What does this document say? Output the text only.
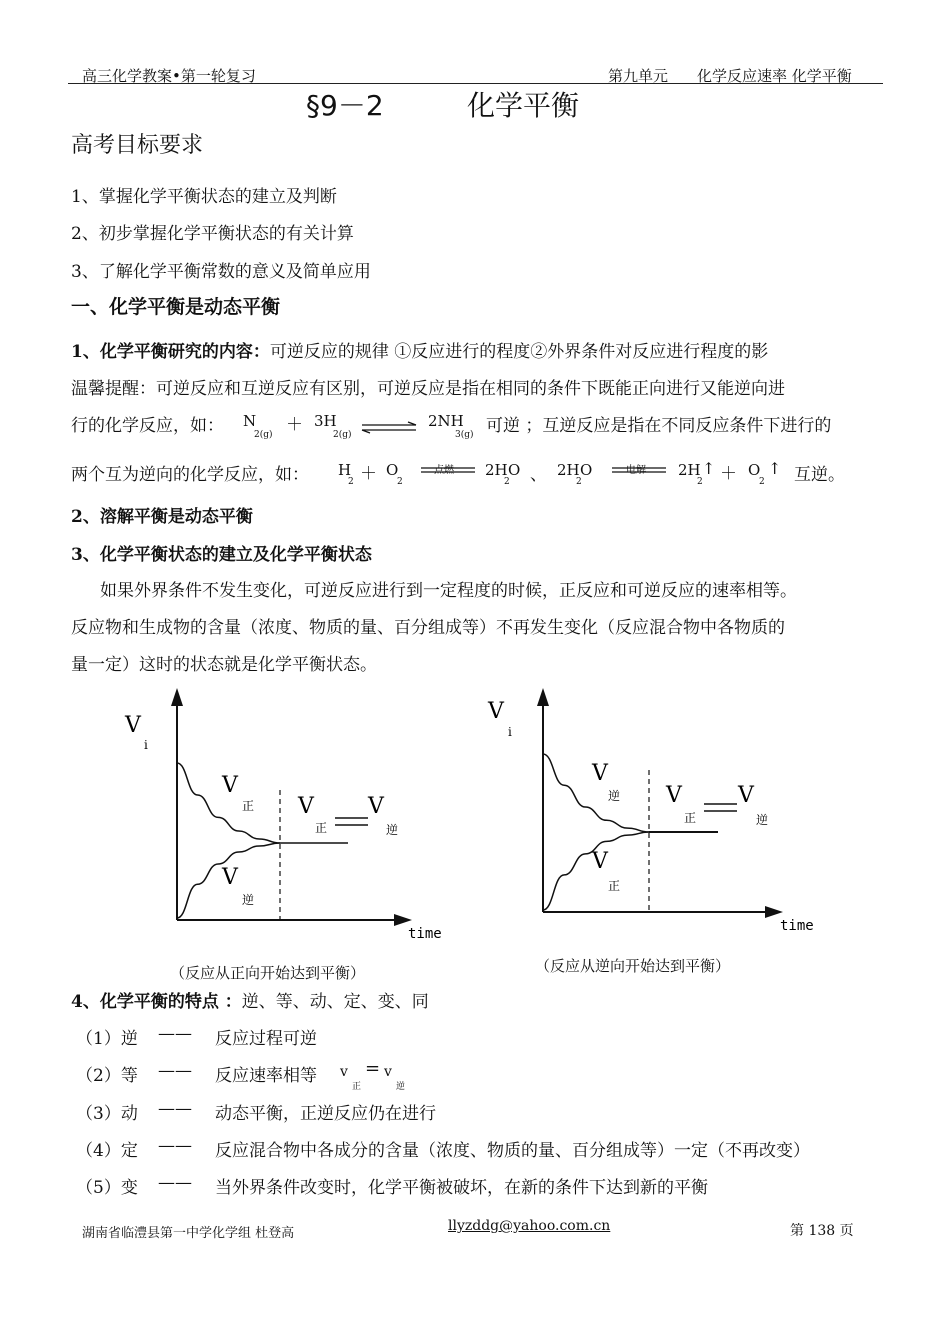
高三化学教案•第一轮复习	第九单元 化学反应速率 化学平衡
§9－2	化学平衡
高考目标要求
1、掌握化学平衡状态的建立及判断
2、初步掌握化学平衡状态的有关计算
3、了解化学平衡常数的意义及简单应用
一、化学平衡是动态平衡
1、化学平衡研究的内容：可逆反应的规律 ①反应进行的程度②外界条件对反应进行程度的影
温馨提醒：可逆反应和互逆反应有区别，可逆反应是指在相同的条件下既能正向进行又能逆向进
行的化学反应，如： N
2(g) ＋ 3H
2(g)
⇌ 2NH
3(g) 可逆 ；互逆反应是指在不同反应条件下进行的
两个互为逆向的化学反应，如： H
2 ＋ O
2
点燃 2H
2
O 、 2H
2
O	电解 2H
2
↑ ＋ O
2
↑ 互逆。
2、溶解平衡是动态平衡
3、化学平衡状态的建立及化学平衡状态
如果外界条件不发生变化，可逆反应进行到一定程度的时候，正反应和可逆反应的速率相等。
反应物和生成物的含量（浓度、物质的量、百分组成等）不再发生变化（反应混合物中各物质的
量一定）这时的状态就是化学平衡状态。
V
i
V
正
V
逆
V
正
V
逆
time
（反应从正向开始达到平衡）
V
i
V
逆
V
正
V
正
V
逆
time
（反应从逆向开始达到平衡）
4、化学平衡的特点 ：逆、等、动、定、变、同
（1）逆 —— 反应过程可逆
（2）等 —— 反应速率相等 v
正
= v
逆
（3）动 —— 动态平衡，正逆反应仍在进行
（4）定 —— 反应混合物中各成分的含量（浓度、物质的量、百分组成等）一定（不再改变）
（5）变 —— 当外界条件改变时，化学平衡被破坏，在新的条件下达到新的平衡
湖南省临澧县第一中学化学组 杜登高	llyzddg@yahoo.com.cn	第 138 页
